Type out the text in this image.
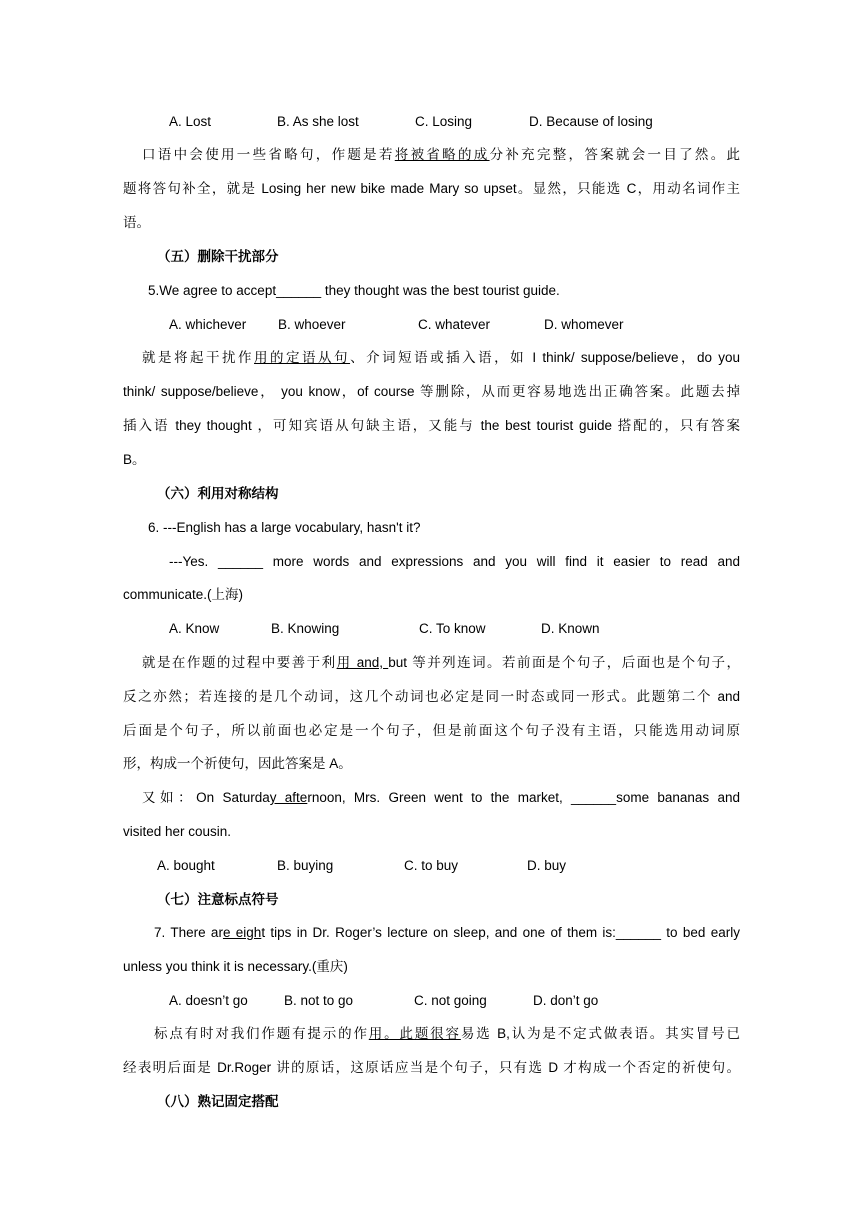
A. Lost	B. As she lost	C. Losing	D. Because of losing
口语中会使用一些省略句，作题是若将被省略的成分补充完整，答案就会一目了然。此
题将答句补全，就是 Losing her new bike made Mary so upset。显然，只能选 C，用动名词作主
语。
（五）删除干扰部分
5.We agree to accept______ they thought was the best tourist guide.
A. whichever B. whoever	C. whatever	D. whomever
就是将起干扰作用的定语从句、介词短语或插入语，如 I think/ suppose/believe，do you
think/ suppose/believe， you know，of course 等删除，从而更容易地选出正确答案。此题去掉
插入语 they thought ，可知宾语从句缺主语，又能与 the best tourist guide 搭配的，只有答案
B。
（六）利用对称结构
6. ---English has a large vocabulary, hasn't it?
---Yes. ______ more words and expressions and you will find it easier to read and
communicate.(上海)
A. Know	B. Knowing	C. To know	D. Known
就是在作题的过程中要善于利用 and, but 等并列连词。若前面是个句子，后面也是个句子，
反之亦然；若连接的是几个动词，这几个动词也必定是同一时态或同一形式。此题第二个 and
后面是个句子，所以前面也必定是一个句子，但是前面这个句子没有主语，只能选用动词原
形，构成一个祈使句，因此答案是 A。
又如：On Saturday afternoon, Mrs. Green went to the market, ______some bananas and
visited her cousin.
A. bought	B. buying	C. to buy	D. buy
（七）注意标点符号
7. There are eight tips in Dr. Roger’s lecture on sleep, and one of them is:______ to bed early
unless you think it is necessary.(重庆)
A. doesn’t go	B. not to go	C. not going	D. don’t go
标点有时对我们作题有提示的作用。此题很容易选 B,认为是不定式做表语。其实冒号已
经表明后面是 Dr.Roger 讲的原话，这原话应当是个句子，只有选 D 才构成一个否定的祈使句。
（八）熟记固定搭配
